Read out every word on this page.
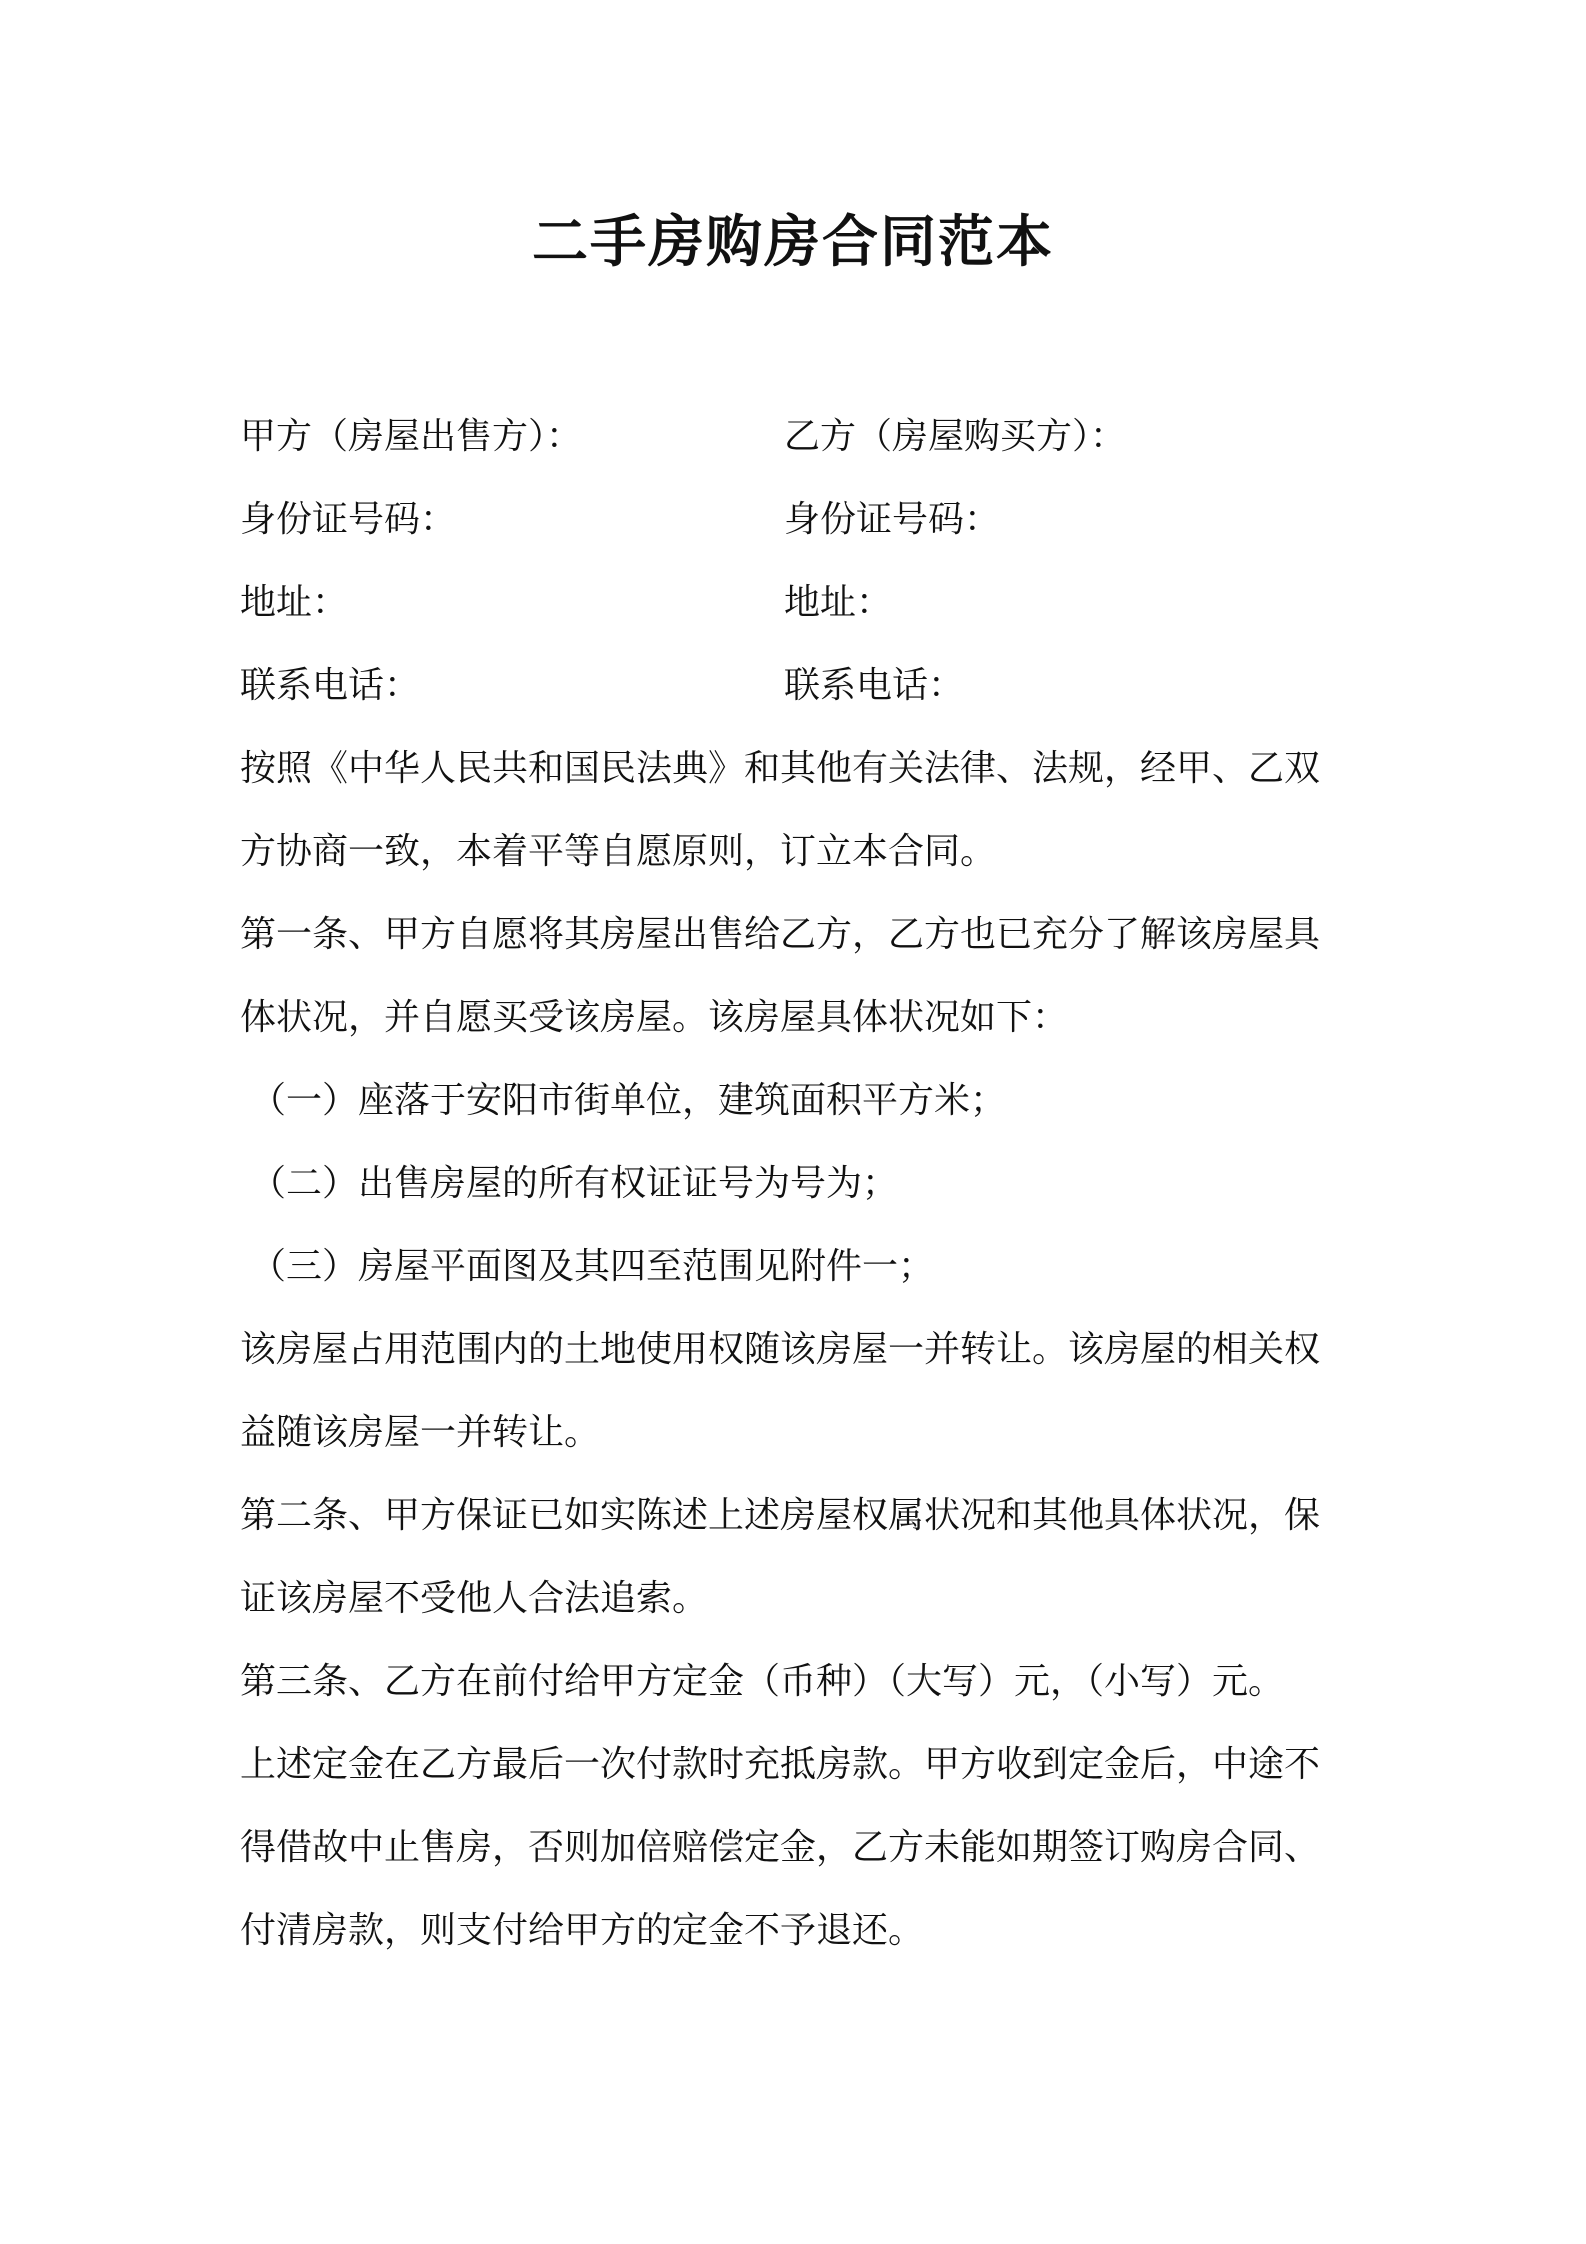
二手房购房合同范本
甲方（房屋出售方）：	乙方（房屋购买方）：
身份证号码：	身份证号码：
地址：	地址：
联系电话：	联系电话：
按照《中华人民共和国民法典》和其他有关法律、法规，经甲、乙双
方协商一致，本着平等自愿原则，订立本合同。
第一条、甲方自愿将其房屋出售给乙方，乙方也已充分了解该房屋具
体状况，并自愿买受该房屋。该房屋具体状况如下：
（一）座落于安阳市街单位，建筑面积平方米；
（二）出售房屋的所有权证证号为号为；
（三）房屋平面图及其四至范围见附件一；
该房屋占用范围内的土地使用权随该房屋一并转让。该房屋的相关权
益随该房屋一并转让。
第二条、甲方保证已如实陈述上述房屋权属状况和其他具体状况，保
证该房屋不受他人合法追索。
第三条、乙方在前付给甲方定金（币种）（大写）元，（小写）元。
上述定金在乙方最后一次付款时充抵房款。甲方收到定金后，中途不
得借故中止售房，否则加倍赔偿定金，乙方未能如期签订购房合同、
付清房款，则支付给甲方的定金不予退还。
